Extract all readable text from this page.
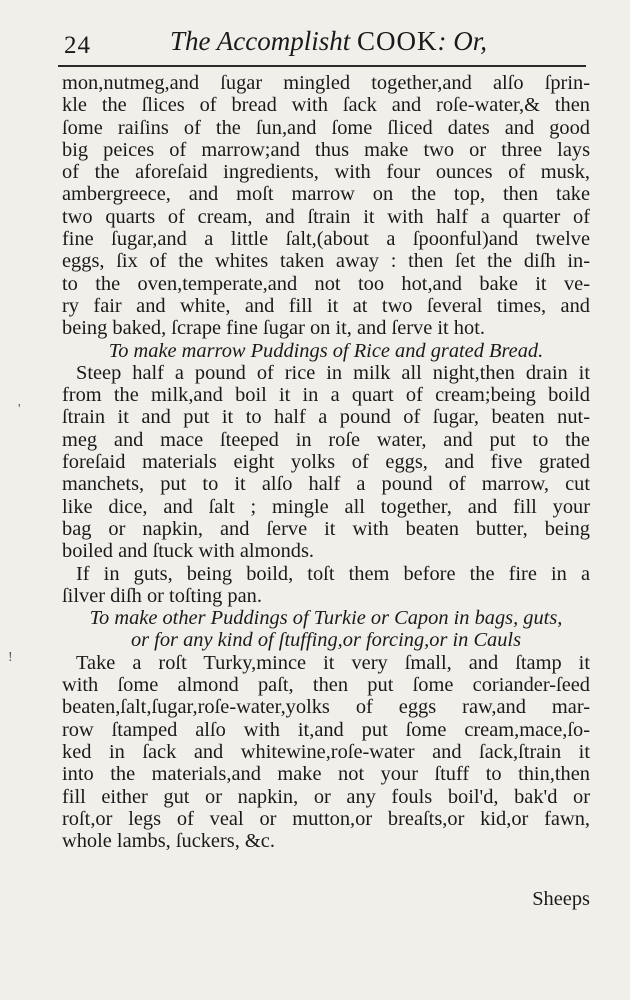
24	The Accomplisht COOK: Or,
mon,nutmeg,and ſugar mingled together,and alſo ſprin-
kle the ſlices of bread with ſack and roſe-water,& then
ſome raiſins of the ſun,and ſome ſliced dates and good
big peices of marrow;and thus make two or three lays
of the aforeſaid ingredients, with four ounces of musk,
ambergreece, and moſt marrow on the top, then take
two quarts of cream, and ſtrain it with half a quarter of
fine ſugar,and a little ſalt,(about a ſpoonful)and twelve
eggs, ſix of the whites taken away : then ſet the diſh in-
to the oven,temperate,and not too hot,and bake it ve-
ry fair and white, and fill it at two ſeveral times, and
being baked, ſcrape fine ſugar on it, and ſerve it hot.
To make marrow Puddings of Rice and grated Bread.
Steep half a pound of rice in milk all night,then drain it
from the milk,and boil it in a quart of cream;being boild
ſtrain it and put it to half a pound of ſugar, beaten nut-
meg and mace ſteeped in roſe water, and put to the
foreſaid materials eight yolks of eggs, and five grated
manchets, put to it alſo half a pound of marrow, cut
like dice, and ſalt ; mingle all together, and fill your
bag or napkin, and ſerve it with beaten butter, being
boiled and ſtuck with almonds.
If in guts, being boild, toſt them before the fire in a
ſilver diſh or toſting pan.
To make other Puddings of Turkie or Capon in bags, guts,
or for any kind of ſtuffing,or forcing,or in Cauls
Take a roſt Turky,mince it very ſmall, and ſtamp it
with ſome almond paſt, then put ſome coriander-ſeed
beaten,ſalt,ſugar,roſe-water,yolks of eggs raw,and mar-
row ſtamped alſo with it,and put ſome cream,mace,ſo-
ked in ſack and whitewine,roſe-water and ſack,ſtrain it
into the materials,and make not your ſtuff to thin,then
fill either gut or napkin, or any fouls boil'd, bak'd or
roſt,or legs of veal or mutton,or breaſts,or kid,or fawn,
whole lambs, ſuckers, &c.
Sheeps
'
!
